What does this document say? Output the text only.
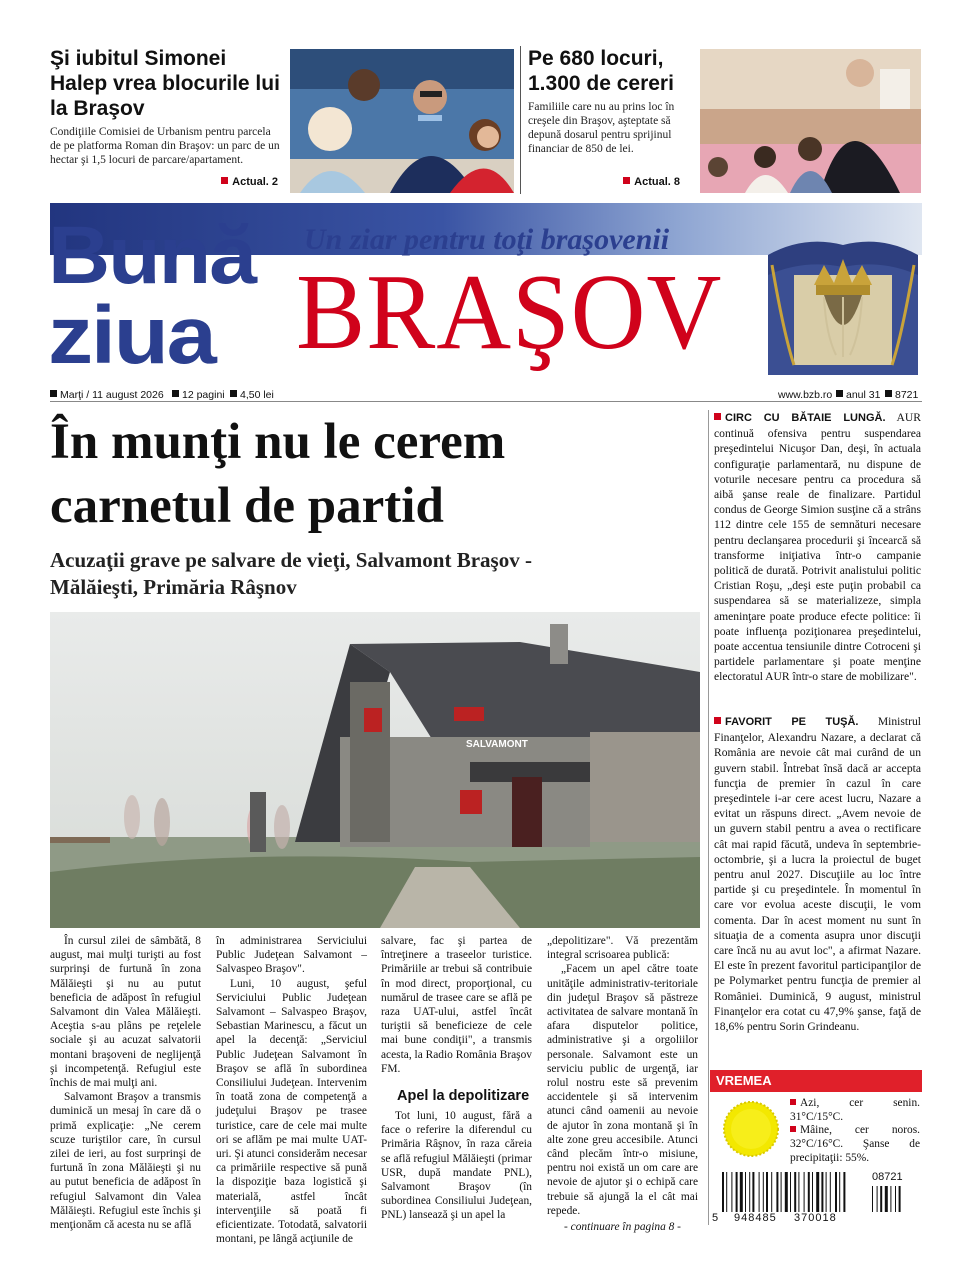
Şi iubitul Simonei Halep vrea blocurile lui la Braşov
Condiţiile Comisiei de Urbanism pentru parcela de pe platforma Roman din Braşov: un parc de un hectar şi 1,5 locuri de parcare/apartament.
Actual. 2
Pe 680 locuri, 1.300 de cereri
Familiile care nu au prins loc în creşele din Braşov, aşteptate să depună dosarul pentru sprijinul financiar de 850 de lei.
Actual. 8
Bună
ziua
Un ziar pentru toţi braşovenii
BRAŞOV
Marţi / 11 august 2026	12 pagini	4,50 lei	www.bzb.ro	anul 31	8721
În munţi nu le cerem carnetul de partid
Acuzaţii grave pe salvare de vieţi, Salvamont Braşov - Mălăieşti, Primăria Râşnov
SALVAMONT

În cursul zilei de sâmbătă, 8 august, mai mulţi turişti au fost surprinşi de furtună în zona Mălăieşti şi nu au putut beneficia de adăpost în refugiul Salvamont din Valea Mălăieşti. Aceştia s-au plâns pe reţelele sociale şi au acuzat salvatorii montani braşoveni de neglijenţă şi incompetenţă. Refugiul este închis de mai mulţi ani.

Salvamont Braşov a transmis duminică un mesaj în care dă o primă explicaţie: „Ne cerem scuze turiştilor care, în cursul zilei de ieri, au fost surprinşi de furtună în zona Mălăieşti şi nu au putut beneficia de adăpost în refugiul Salvamont din Valea Mălăieşti. Refugiul este închis şi menţionăm că acesta nu se află

în administrarea Serviciului Public Judeţean Salvamont – Salvaspeo Braşov".

Luni, 10 august, şeful Serviciului Public Judeţean Salvamont – Salvaspeo Braşov, Sebastian Marinescu, a făcut un apel la decenţă: „Serviciul Public Judeţean Salvamont în Braşov se află în subordinea Consiliului Judeţean. Intervenim în toată zona de competenţă a judeţului Braşov pe trasee turistice, care de cele mai multe ori se aflăm pe mai multe UAT-uri. Şi atunci considerăm necesar ca primăriile respective să pună la dispoziţie baza logistică şi materială, astfel încât intervenţiile să poată fi eficientizate. Totodată, salvatorii montani, pe lângă acţiunile de

salvare, fac şi partea de întreţinere a traseelor turistice. Primăriile ar trebui să contribuie în mod direct, proporţional, cu numărul de trasee care se află pe raza UAT-ului, astfel încât turiştii să beneficieze de cele mai bune condiţii", a transmis acesta, la Radio România Braşov FM.

Apel la depolitizare

Tot luni, 10 august, fără a face o referire la diferendul cu Primăria Râşnov, în raza căreia se află refugiul Mălăieşti (primar USR, după mandate PNL), Salvamont Braşov (în subordinea Consiliului Judeţean, PNL) lansează şi un apel la

„depolitizare". Vă prezentăm integral scrisoarea publică:

„Facem un apel către toate unităţile administrativ-teritoriale din judeţul Braşov să păstreze activitatea de salvare montană în afara disputelor politice, administrative şi a orgoliilor personale. Salvamont este un serviciu public de urgenţă, iar rolul nostru este să prevenim accidentele şi să intervenim atunci când oamenii au nevoie de ajutor în zona montană şi în alte zone greu accesibile. Atunci când plecăm într-o misiune, pentru noi există un om care are nevoie de ajutor şi o echipă care trebuie să ajungă la el cât mai repede.

- continuare în pagina 8 -
CIRC CU BĂTAIE LUNGĂ. AUR continuă ofensiva pentru suspendarea preşedintelui Nicuşor Dan, deşi, în actuala configuraţie parlamentară, nu dispune de voturile necesare pentru ca procedura să aibă şanse reale de finalizare. Partidul condus de George Simion susţine că a strâns 112 dintre cele 155 de semnături necesare pentru declanşarea procedurii şi încearcă să transforme iniţiativa într-o campanie politică de durată. Potrivit analistului politic Cristian Roşu, „deşi este puţin probabil ca suspendarea să se materializeze, simpla ameninţare poate produce efecte politice: îi poate influenţa poziţionarea preşedintelui, poate accentua tensiunile dintre Cotroceni şi partidele parlamentare şi poate menţine electoratul AUR într-o stare de mobilizare".
FAVORIT PE TUŞĂ. Ministrul Finanţelor, Alexandru Nazare, a declarat că România are nevoie cât mai curând de un guvern stabil. Întrebat însă dacă ar accepta funcţia de premier în cazul în care preşedintele i-ar cere acest lucru, Nazare a evitat un răspuns direct. „Avem nevoie de un guvern stabil pentru a avea o rectificare cât mai rapid făcută, undeva în septembrie-octombrie, şi a lucra la proiectul de buget pentru anul 2027. Discuţiile au loc între partide şi cu preşedintele. În momentul în care vor evolua aceste discuţii, le vom comenta. Dar în acest moment nu sunt în situaţia de a comenta asupra unor discuţii care încă nu au avut loc", a afirmat Nazare. El este în prezent favoritul participanţilor de pe Polymarket pentru funcţia de premier al României. Duminică, 9 august, ministrul Finanţelor era cotat cu 47,9% şanse, faţă de 18,6% pentru Sorin Grindeanu.
VREMEA
Azi, cer senin. 31°C/15°C.
Mâine, cer noros. 32°C/16°C. Şanse de precipitaţii: 55%.
08721
5 948485 370018
